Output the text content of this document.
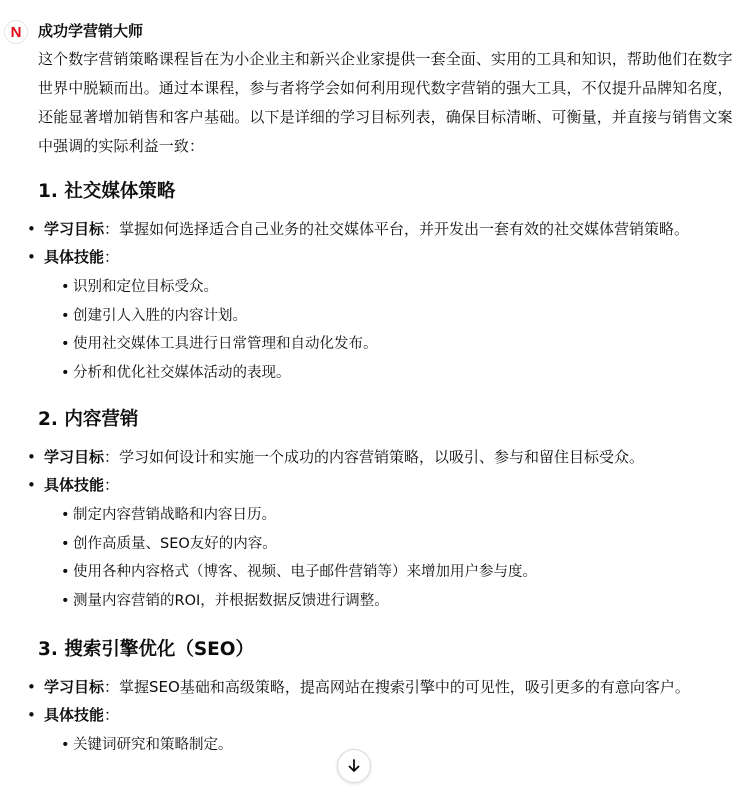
N 成功学营销大师

这个数字营销策略课程旨在为小企业主和新兴企业家提供一套全面、实用的工具和知识，帮助他们在数字世界中脱颖而出。通过本课程，参与者将学会如何利用现代数字营销的强大工具，不仅提升品牌知名度，还能显著增加销售和客户基础。以下是详细的学习目标列表，确保目标清晰、可衡量，并直接与销售文案中强调的实际利益一致：

1. 社交媒体策略
• 学习目标：掌握如何选择适合自己业务的社交媒体平台，并开发出一套有效的社交媒体营销策略。
• 具体技能：
• 识别和定位目标受众。
• 创建引人入胜的内容计划。
• 使用社交媒体工具进行日常管理和自动化发布。
• 分析和优化社交媒体活动的表现。
2. 内容营销
• 学习目标：学习如何设计和实施一个成功的内容营销策略，以吸引、参与和留住目标受众。
• 具体技能：
• 制定内容营销战略和内容日历。
• 创作高质量、SEO友好的内容。
• 使用各种内容格式（博客、视频、电子邮件营销等）来增加用户参与度。
• 测量内容营销的ROI，并根据数据反馈进行调整。
3. 搜索引擎优化（SEO）
• 学习目标：掌握SEO基础和高级策略，提高网站在搜索引擎中的可见性，吸引更多的有意向客户。
• 具体技能：
• 关键词研究和策略制定。
